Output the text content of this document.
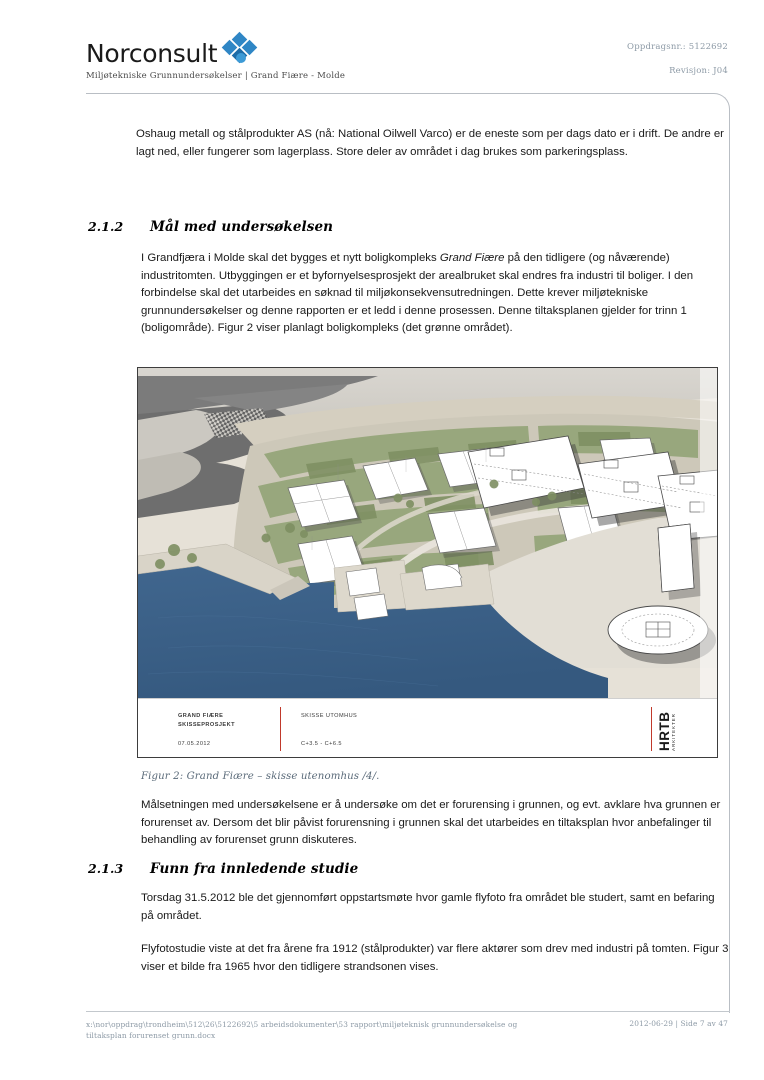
Norconsult
Miljøtekniske Grunnundersøkelser | Grand Fiære - Molde
Oppdragsnr.: 5122692
Revisjon: J04

Oshaug metall og stålprodukter AS (nå: National Oilwell Varco) er de eneste som per dags dato er i drift. De andre er lagt ned, eller fungerer som lagerplass. Store deler av området i dag brukes som parkeringsplass.

2.1.2 Mål med undersøkelsen

I Grandfjæra i Molde skal det bygges et nytt boligkompleks Grand Fiære på den tidligere (og nåværende) industritomten. Utbyggingen er et byfornyelsesprosjekt der arealbruket skal endres fra industri til boliger. I den forbindelse skal det utarbeides en søknad til miljøkonsekvensutredningen. Dette krever miljøtekniske grunnundersøkelser og denne rapporten er et ledd i denne prosessen. Denne tiltaksplanen gjelder for trinn 1 (boligområde). Figur 2 viser planlagt boligkompleks (det grønne området).

GRAND FIÆRE
SKISSEPROSJEKT
07.05.2012
SKISSE UTOMHUS
C+3.5 - C+6.5	HRTB ARKITEKTER
Figur 2: Grand Fiære – skisse utenomhus /4/.

Målsetningen med undersøkelsene er å undersøke om det er forurensing i grunnen, og evt. avklare hva grunnen er forurenset av. Dersom det blir påvist forurensning i grunnen skal det utarbeides en tiltaksplan hvor anbefalinger til behandling av forurenset grunn diskuteres.

2.1.3 Funn fra innledende studie

Torsdag 31.5.2012 ble det gjennomført oppstartsmøte hvor gamle flyfoto fra området ble studert, samt en befaring på området.

Flyfotostudie viste at det fra årene fra 1912 (stålprodukter) var flere aktører som drev med industri på tomten. Figur 3 viser et bilde fra 1965 hvor den tidligere strandsonen vises.

x:\nor\oppdrag\trondheim\512\26\5122692\5 arbeidsdokumenter\53 rapport\miljøteknisk grunnundersøkelse og tiltaksplan forurenset grunn.docx
2012-06-29 | Side 7 av 47
